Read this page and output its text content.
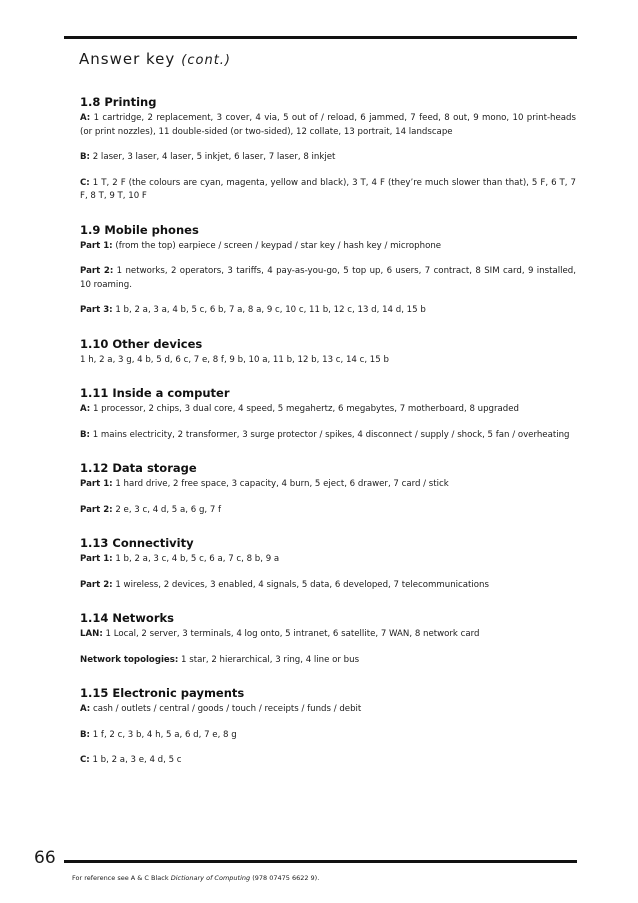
Answer key (cont.)
1.8 Printing
A: 1 cartridge, 2 replacement, 3 cover, 4 via, 5 out of / reload, 6 jammed, 7 feed, 8 out, 9 mono, 10 print-heads (or print nozzles), 11 double-sided (or two-sided), 12 collate, 13 portrait, 14 landscape
B: 2 laser, 3 laser, 4 laser, 5 inkjet, 6 laser, 7 laser, 8 inkjet
C: 1 T, 2 F (the colours are cyan, magenta, yellow and black), 3 T, 4 F (they’re much slower than that), 5 F, 6 T, 7 F, 8 T, 9 T, 10 F
1.9 Mobile phones
Part 1: (from the top) earpiece / screen / keypad / star key / hash key / microphone
Part 2: 1 networks, 2 operators, 3 tariffs, 4 pay-as-you-go, 5 top up, 6 users, 7 contract, 8 SIM card, 9 installed, 10 roaming.
Part 3: 1 b, 2 a, 3 a, 4 b, 5 c, 6 b, 7 a, 8 a, 9 c, 10 c, 11 b, 12 c, 13 d, 14 d, 15 b
1.10 Other devices
1 h, 2 a, 3 g, 4 b, 5 d, 6 c, 7 e, 8 f, 9 b, 10 a, 11 b, 12 b, 13 c, 14 c, 15 b
1.11 Inside a computer
A: 1 processor, 2 chips, 3 dual core, 4 speed, 5 megahertz, 6 megabytes, 7 motherboard, 8 upgraded
B: 1 mains electricity, 2 transformer, 3 surge protector / spikes, 4 disconnect / supply / shock, 5 fan / overheating
1.12 Data storage
Part 1: 1 hard drive, 2 free space, 3 capacity, 4 burn, 5 eject, 6 drawer, 7 card / stick
Part 2: 2 e, 3 c, 4 d, 5 a, 6 g, 7 f
1.13 Connectivity
Part 1: 1 b, 2 a, 3 c, 4 b, 5 c, 6 a, 7 c, 8 b, 9 a
Part 2: 1 wireless, 2 devices, 3 enabled, 4 signals, 5 data, 6 developed, 7 telecommunications
1.14 Networks
LAN: 1 Local, 2 server, 3 terminals, 4 log onto, 5 intranet, 6 satellite, 7 WAN, 8 network card
Network topologies: 1 star, 2 hierarchical, 3 ring, 4 line or bus
1.15 Electronic payments
A: cash / outlets / central / goods / touch / receipts / funds / debit
B: 1 f, 2 c, 3 b, 4 h, 5 a, 6 d, 7 e, 8 g
C: 1 b, 2 a, 3 e, 4 d, 5 c
66
For reference see A & C Black Dictionary of Computing (978 07475 6622 9).
